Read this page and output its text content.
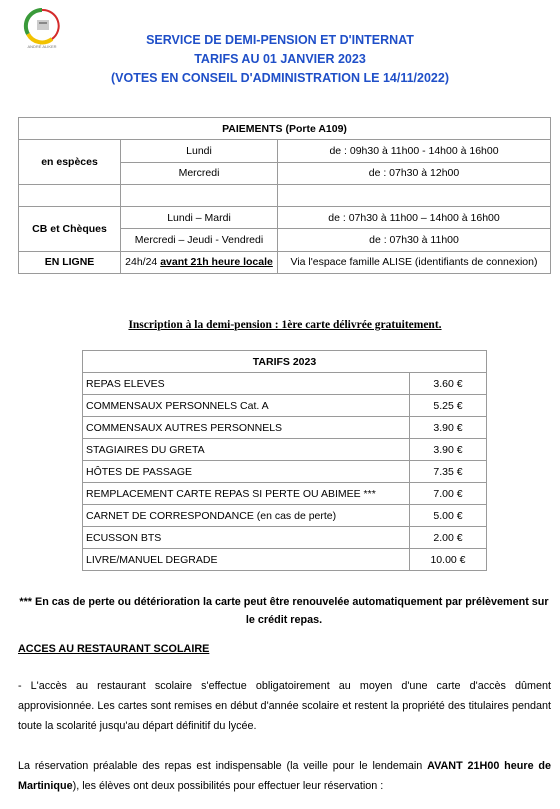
ANDRÉ ALIKER	SERVICE DE DEMI-PENSION ET D'INTERNAT
TARIFS AU 01 JANVIER 2023
(VOTES EN CONSEIL D'ADMINISTRATION LE 14/11/2022)
PAIEMENTS (Porte A109)		
en espèces	Lundi	de : 09h30 à 11h00 - 14h00 à 16h00
	Mercredi	de : 07h30 à 12h00

CB et Chèques	Lundi – Mardi	de : 07h30 à 11h00 – 14h00 à 16h00
	Mercredi – Jeudi - Vendredi	de : 07h30 à 11h00
EN LIGNE	24h/24 avant 21h heure locale	Via l'espace famille ALISE (identifiants de connexion)
Inscription à la demi-pension : 1ère carte délivrée gratuitement.
TARIFS 2023	
REPAS ELEVES	3.60 €
COMMENSAUX PERSONNELS Cat. A	5.25 €
COMMENSAUX AUTRES PERSONNELS	3.90 €
STAGIAIRES DU GRETA	3.90 €
HÔTES DE PASSAGE	7.35 €
REMPLACEMENT CARTE REPAS SI PERTE OU ABIMEE ***	7.00 €
CARNET DE CORRESPONDANCE (en cas de perte)	5.00 €
ECUSSON BTS	2.00 €
LIVRE/MANUEL DEGRADE	10.00 €
*** En cas de perte ou détérioration la carte peut être renouvelée automatiquement par prélèvement sur le crédit repas.
ACCES AU RESTAURANT SCOLAIRE
- L'accès au restaurant scolaire s'effectue obligatoirement au moyen d'une carte d'accès dûment approvisionnée. Les cartes sont remises en début d'année scolaire et restent la propriété des titulaires pendant toute la scolarité jusqu'au départ définitif du lycée.
La réservation préalable des repas est indispensable (la veille pour le lendemain AVANT 21H00 heure de Martinique), les élèves ont deux possibilités pour effectuer leur réservation :
